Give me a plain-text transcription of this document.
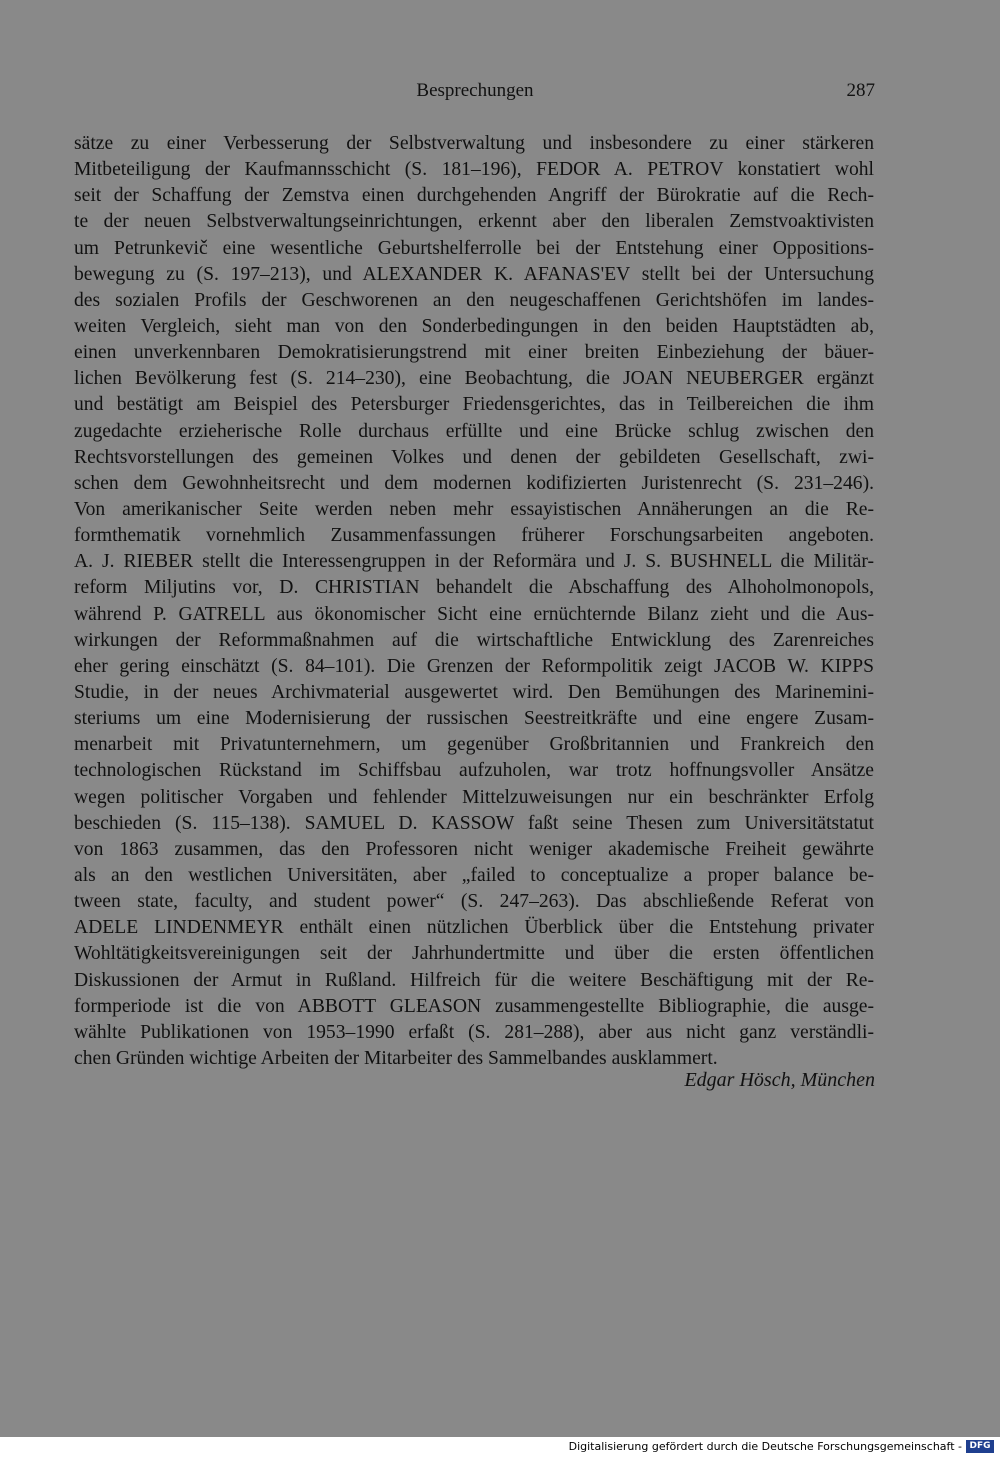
Besprechungen	287
sätze zu einer Verbesserung der Selbstverwaltung und insbesondere zu einer stärkeren
Mitbeteiligung der Kaufmannsschicht (S. 181–196), FEDOR A. PETROV konstatiert wohl
seit der Schaffung der Zemstva einen durchgehenden Angriff der Bürokratie auf die Rech-
te der neuen Selbstverwaltungseinrichtungen, erkennt aber den liberalen Zemstvoaktivisten
um Petrunkevič eine wesentliche Geburtshelferrolle bei der Entstehung einer Oppositions-
bewegung zu (S. 197–213), und ALEXANDER K. AFANAS'EV stellt bei der Untersuchung
des sozialen Profils der Geschworenen an den neugeschaffenen Gerichtshöfen im landes-
weiten Vergleich, sieht man von den Sonderbedingungen in den beiden Hauptstädten ab,
einen unverkennbaren Demokratisierungstrend mit einer breiten Einbeziehung der bäuer-
lichen Bevölkerung fest (S. 214–230), eine Beobachtung, die JOAN NEUBERGER ergänzt
und bestätigt am Beispiel des Petersburger Friedensgerichtes, das in Teilbereichen die ihm
zugedachte erzieherische Rolle durchaus erfüllte und eine Brücke schlug zwischen den
Rechtsvorstellungen des gemeinen Volkes und denen der gebildeten Gesellschaft, zwi-
schen dem Gewohnheitsrecht und dem modernen kodifizierten Juristenrecht (S. 231–246).
Von amerikanischer Seite werden neben mehr essayistischen Annäherungen an die Re-
formthematik vornehmlich Zusammenfassungen früherer Forschungsarbeiten angeboten.
A. J. RIEBER stellt die Interessengruppen in der Reformära und J. S. BUSHNELL die Militär-
reform Miljutins vor, D. CHRISTIAN behandelt die Abschaffung des Alhoholmonopols,
während P. GATRELL aus ökonomischer Sicht eine ernüchternde Bilanz zieht und die Aus-
wirkungen der Reformmaßnahmen auf die wirtschaftliche Entwicklung des Zarenreiches
eher gering einschätzt (S. 84–101). Die Grenzen der Reformpolitik zeigt JACOB W. KIPPS
Studie, in der neues Archivmaterial ausgewertet wird. Den Bemühungen des Marinemini-
steriums um eine Modernisierung der russischen Seestreitkräfte und eine engere Zusam-
menarbeit mit Privatunternehmern, um gegenüber Großbritannien und Frankreich den
technologischen Rückstand im Schiffsbau aufzuholen, war trotz hoffnungsvoller Ansätze
wegen politischer Vorgaben und fehlender Mittelzuweisungen nur ein beschränkter Erfolg
beschieden (S. 115–138). SAMUEL D. KASSOW faßt seine Thesen zum Universitätstatut
von 1863 zusammen, das den Professoren nicht weniger akademische Freiheit gewährte
als an den westlichen Universitäten, aber „failed to conceptualize a proper balance be-
tween state, faculty, and student power“ (S. 247–263). Das abschließende Referat von
ADELE LINDENMEYR enthält einen nützlichen Überblick über die Entstehung privater
Wohltätigkeitsvereinigungen seit der Jahrhundertmitte und über die ersten öffentlichen
Diskussionen der Armut in Rußland. Hilfreich für die weitere Beschäftigung mit der Re-
formperiode ist die von ABBOTT GLEASON zusammengestellte Bibliographie, die ausge-
wählte Publikationen von 1953–1990 erfaßt (S. 281–288), aber aus nicht ganz verständli-
chen Gründen wichtige Arbeiten der Mitarbeiter des Sammelbandes ausklammert.
Edgar Hösch, München
Digitalisierung gefördert durch die Deutsche Forschungsgemeinschaft - DFG
